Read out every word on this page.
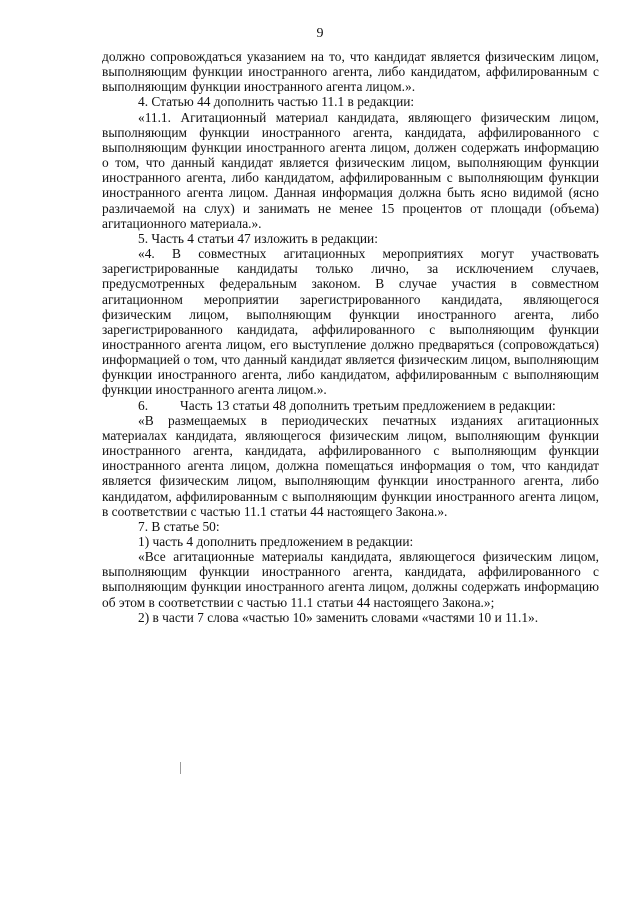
9

должно сопровождаться указанием на то, что кандидат является физическим лицом, выполняющим функции иностранного агента, либо кандидатом, аффилированным с выполняющим функции иностранного агента лицом.».

4. Статью 44 дополнить частью 11.1 в редакции:

«11.1. Агитационный материал кандидата, являющего физическим лицом, выполняющим функции иностранного агента, кандидата, аффилированного с выполняющим функции иностранного агента лицом, должен содержать информацию о том, что данный кандидат является физическим лицом, выполняющим функции иностранного агента, либо кандидатом, аффилированным с выполняющим функции иностранного агента лицом. Данная информация должна быть ясно видимой (ясно различаемой на слух) и занимать не менее 15 процентов от площади (объема) агитационного материала.».

5. Часть 4 статьи 47 изложить в редакции:

«4. В совместных агитационных мероприятиях могут участвовать зарегистрированные кандидаты только лично, за исключением случаев, предусмотренных федеральным законом. В случае участия в совместном агитационном мероприятии зарегистрированного кандидата, являющегося физическим лицом, выполняющим функции иностранного агента, либо зарегистрированного кандидата, аффилированного с выполняющим функции иностранного агента лицом, его выступление должно предваряться (сопровождаться) информацией о том, что данный кандидат является физическим лицом, выполняющим функции иностранного агента, либо кандидатом, аффилированным с выполняющим функции иностранного агента лицом.».

6. Часть 13 статьи 48 дополнить третьим предложением в редакции:

«В размещаемых в периодических печатных изданиях агитационных материалах кандидата, являющегося физическим лицом, выполняющим функции иностранного агента, кандидата, аффилированного с выполняющим функции иностранного агента лицом, должна помещаться информация о том, что кандидат является физическим лицом, выполняющим функции иностранного агента, либо кандидатом, аффилированным с выполняющим функции иностранного агента лицом, в соответствии с частью 11.1 статьи 44 настоящего Закона.».

7. В статье 50:

1) часть 4 дополнить предложением в редакции:

«Все агитационные материалы кандидата, являющегося физическим лицом, выполняющим функции иностранного агента, кандидата, аффилированного с выполняющим функции иностранного агента лицом, должны содержать информацию об этом в соответствии с частью 11.1 статьи 44 настоящего Закона.»;

2) в части 7 слова «частью 10» заменить словами «частями 10 и 11.1».
